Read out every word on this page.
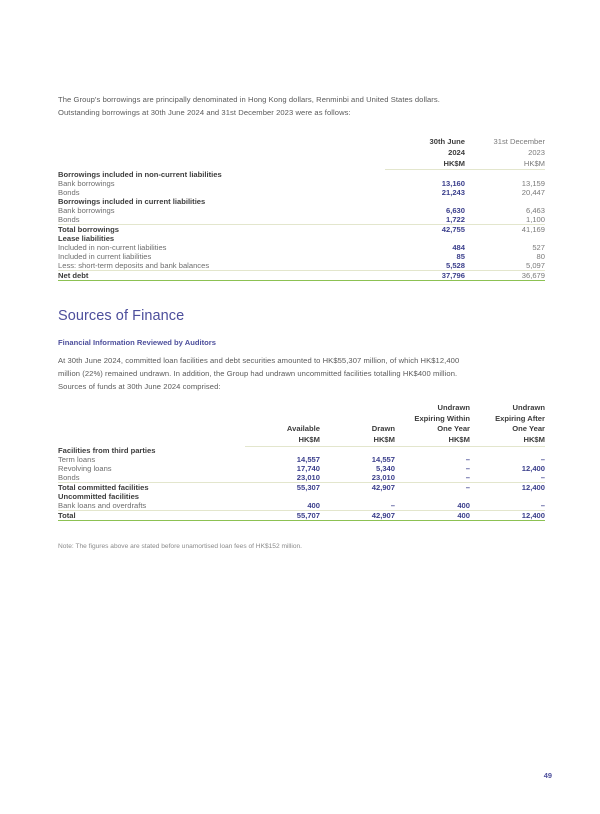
The Group's borrowings are principally denominated in Hong Kong dollars, Renminbi and United States dollars.

Outstanding borrowings at 30th June 2024 and 31st December 2023 were as follows:

	30th June	31st December
	2024	2023
	HK$M	HK$M
Borrowings included in non-current liabilities		
Bank borrowings	13,160	13,159
Bonds	21,243	20,447
Borrowings included in current liabilities		
Bank borrowings	6,630	6,463
Bonds	1,722	1,100
Total borrowings	42,755	41,169
Lease liabilities		
Included in non-current liabilities	484	527
Included in current liabilities	85	80
Less: short-term deposits and bank balances	5,528	5,097
Net debt	37,796	36,679
Sources of Finance
Financial Information Reviewed by Auditors

At 30th June 2024, committed loan facilities and debt securities amounted to HK$55,307 million, of which HK$12,400

million (22%) remained undrawn. In addition, the Group had undrawn uncommitted facilities totalling HK$400 million.

Sources of funds at 30th June 2024 comprised:

			Undrawn	Undrawn
			Expiring Within	Expiring After
	Available	Drawn	One Year	One Year
	HK$M	HK$M	HK$M	HK$M
Facilities from third parties				
Term loans	14,557	14,557	–	–
Revolving loans	17,740	5,340	–	12,400
Bonds	23,010	23,010	–	–
Total committed facilities	55,307	42,907	–	12,400
Uncommitted facilities				
Bank loans and overdrafts	400	–	400	–
Total	55,707	42,907	400	12,400

Note: The figures above are stated before unamortised loan fees of HK$152 million.

49
